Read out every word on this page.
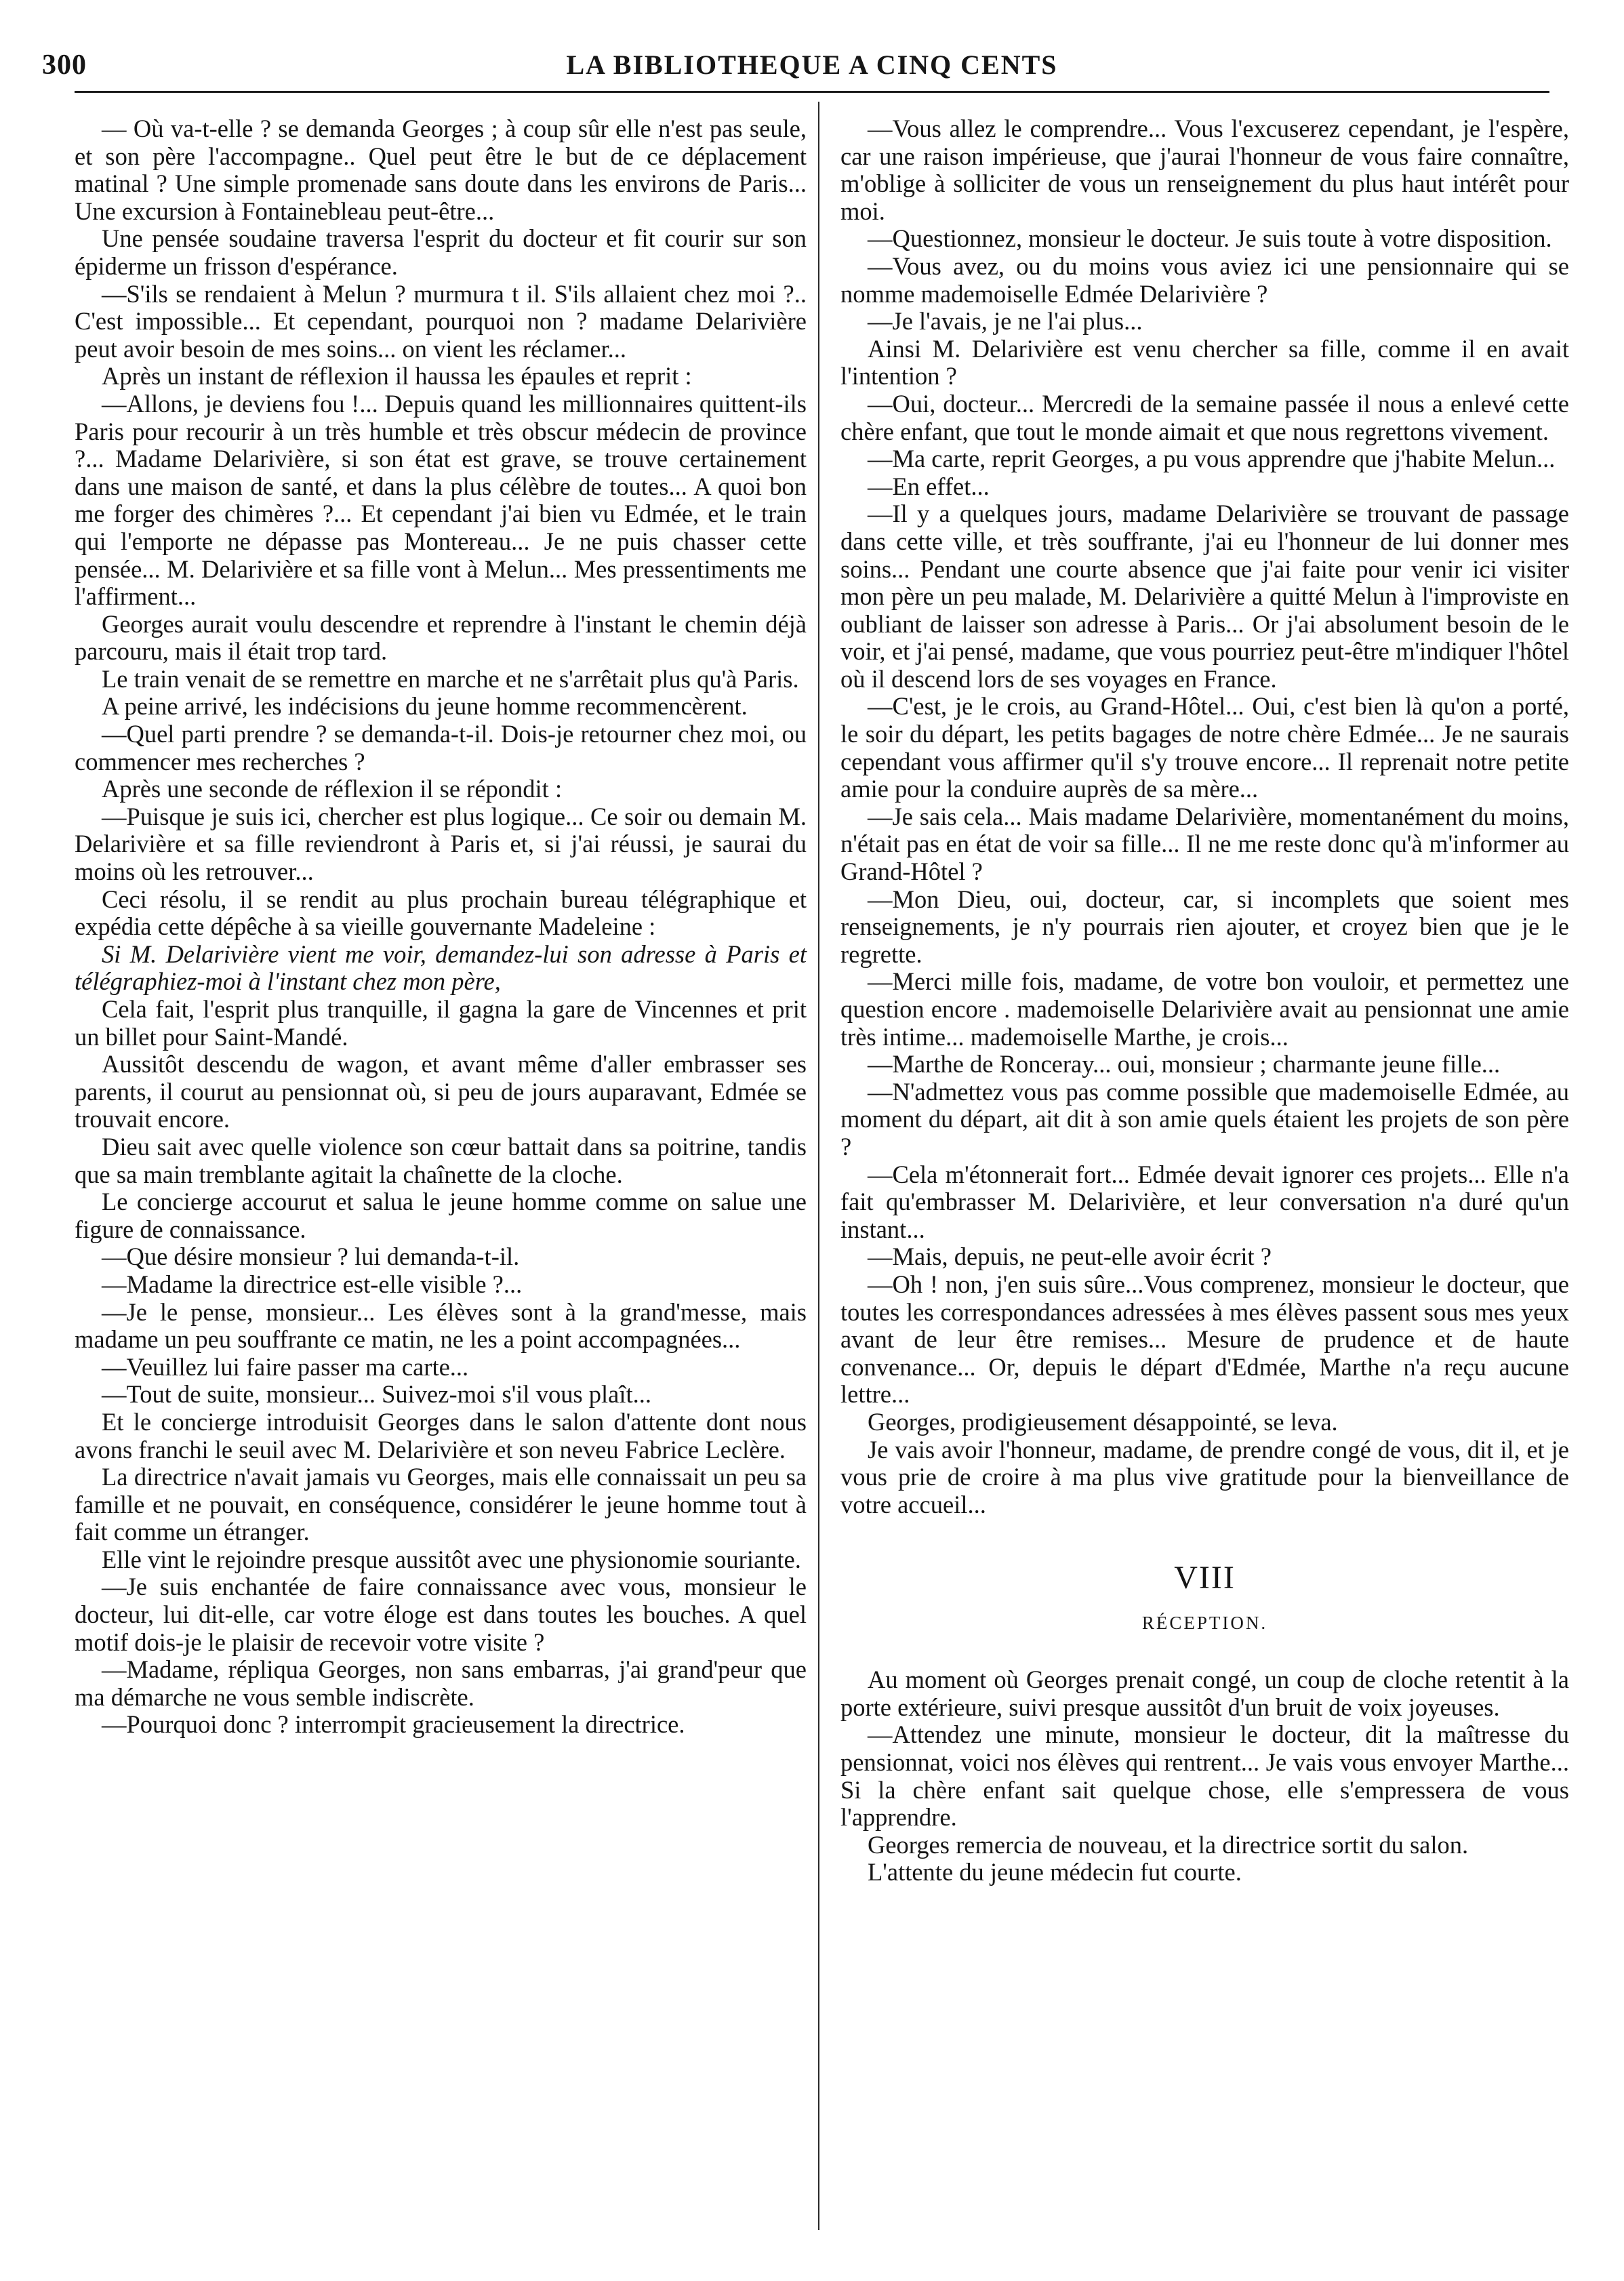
300	LA BIBLIOTHEQUE A CINQ CENTS

— Où va-t-elle ? se demanda Georges ; à coup sûr elle n'est pas seule, et son père l'accompagne.. Quel peut être le but de ce déplacement matinal ? Une simple promenade sans doute dans les environs de Paris... Une excursion à Fontainebleau peut-être...

Une pensée soudaine traversa l'esprit du docteur et fit courir sur son épiderme un frisson d'espérance.

—S'ils se rendaient à Melun ? murmura t il. S'ils allaient chez moi ?.. C'est impossible... Et cependant, pourquoi non ? madame Delarivière peut avoir besoin de mes soins... on vient les réclamer...

Après un instant de réflexion il haussa les épaules et reprit :

—Allons, je deviens fou !... Depuis quand les millionnaires quittent-ils Paris pour recourir à un très humble et très obscur médecin de province ?... Madame Delarivière, si son état est grave, se trouve certainement dans une maison de santé, et dans la plus célèbre de toutes... A quoi bon me forger des chimères ?... Et cependant j'ai bien vu Edmée, et le train qui l'emporte ne dépasse pas Montereau... Je ne puis chasser cette pensée... M. Delarivière et sa fille vont à Melun... Mes pressentiments me l'affirment...

Georges aurait voulu descendre et reprendre à l'instant le chemin déjà parcouru, mais il était trop tard.

Le train venait de se remettre en marche et ne s'arrêtait plus qu'à Paris.

A peine arrivé, les indécisions du jeune homme recommencèrent.

—Quel parti prendre ? se demanda-t-il. Dois-je retourner chez moi, ou commencer mes recherches ?

Après une seconde de réflexion il se répondit :

—Puisque je suis ici, chercher est plus logique... Ce soir ou demain M. Delarivière et sa fille reviendront à Paris et, si j'ai réussi, je saurai du moins où les retrouver...

Ceci résolu, il se rendit au plus prochain bureau télégraphique et expédia cette dépêche à sa vieille gouvernante Madeleine :

Si M. Delarivière vient me voir, demandez-lui son adresse à Paris et télégraphiez-moi à l'instant chez mon père,

Cela fait, l'esprit plus tranquille, il gagna la gare de Vincennes et prit un billet pour Saint-Mandé.

Aussitôt descendu de wagon, et avant même d'aller embrasser ses parents, il courut au pensionnat où, si peu de jours auparavant, Edmée se trouvait encore.

Dieu sait avec quelle violence son cœur battait dans sa poitrine, tandis que sa main tremblante agitait la chaînette de la cloche.

Le concierge accourut et salua le jeune homme comme on salue une figure de connaissance.

—Que désire monsieur ? lui demanda-t-il.

—Madame la directrice est-elle visible ?...

—Je le pense, monsieur... Les élèves sont à la grand'messe, mais madame un peu souffrante ce matin, ne les a point accompagnées...

—Veuillez lui faire passer ma carte...

—Tout de suite, monsieur... Suivez-moi s'il vous plaît...

Et le concierge introduisit Georges dans le salon d'attente dont nous avons franchi le seuil avec M. Delarivière et son neveu Fabrice Leclère.

La directrice n'avait jamais vu Georges, mais elle connaissait un peu sa famille et ne pouvait, en conséquence, considérer le jeune homme tout à fait comme un étranger.

Elle vint le rejoindre presque aussitôt avec une physionomie souriante.

—Je suis enchantée de faire connaissance avec vous, monsieur le docteur, lui dit-elle, car votre éloge est dans toutes les bouches. A quel motif dois-je le plaisir de recevoir votre visite ?

—Madame, répliqua Georges, non sans embarras, j'ai grand'peur que ma démarche ne vous semble indiscrète.

—Pourquoi donc ? interrompit gracieusement la directrice.

—Vous allez le comprendre... Vous l'excuserez cependant, je l'espère, car une raison impérieuse, que j'aurai l'honneur de vous faire connaître, m'oblige à solliciter de vous un renseignement du plus haut intérêt pour moi.

—Questionnez, monsieur le docteur. Je suis toute à votre disposition.

—Vous avez, ou du moins vous aviez ici une pensionnaire qui se nomme mademoiselle Edmée Delarivière ?

—Je l'avais, je ne l'ai plus...

Ainsi M. Delarivière est venu chercher sa fille, comme il en avait l'intention ?

—Oui, docteur... Mercredi de la semaine passée il nous a enlevé cette chère enfant, que tout le monde aimait et que nous regrettons vivement.

—Ma carte, reprit Georges, a pu vous apprendre que j'habite Melun...

—En effet...

—Il y a quelques jours, madame Delarivière se trouvant de passage dans cette ville, et très souffrante, j'ai eu l'honneur de lui donner mes soins... Pendant une courte absence que j'ai faite pour venir ici visiter mon père un peu malade, M. Delarivière a quitté Melun à l'improviste en oubliant de laisser son adresse à Paris... Or j'ai absolument besoin de le voir, et j'ai pensé, madame, que vous pourriez peut-être m'indiquer l'hôtel où il descend lors de ses voyages en France.

—C'est, je le crois, au Grand-Hôtel... Oui, c'est bien là qu'on a porté, le soir du départ, les petits bagages de notre chère Edmée... Je ne saurais cependant vous affirmer qu'il s'y trouve encore... Il reprenait notre petite amie pour la conduire auprès de sa mère...

—Je sais cela... Mais madame Delarivière, momentanément du moins, n'était pas en état de voir sa fille... Il ne me reste donc qu'à m'informer au Grand-Hôtel ?

—Mon Dieu, oui, docteur, car, si incomplets que soient mes renseignements, je n'y pourrais rien ajouter, et croyez bien que je le regrette.

—Merci mille fois, madame, de votre bon vouloir, et permettez une question encore . mademoiselle Delarivière avait au pensionnat une amie très intime... mademoiselle Marthe, je crois...

—Marthe de Ronceray... oui, monsieur ; charmante jeune fille...

—N'admettez vous pas comme possible que mademoiselle Edmée, au moment du départ, ait dit à son amie quels étaient les projets de son père ?

—Cela m'étonnerait fort... Edmée devait ignorer ces projets... Elle n'a fait qu'embrasser M. Delarivière, et leur conversation n'a duré qu'un instant...

—Mais, depuis, ne peut-elle avoir écrit ?

—Oh ! non, j'en suis sûre...Vous comprenez, monsieur le docteur, que toutes les correspondances adressées à mes élèves passent sous mes yeux avant de leur être remises... Mesure de prudence et de haute convenance... Or, depuis le départ d'Edmée, Marthe n'a reçu aucune lettre...

Georges, prodigieusement désappointé, se leva.

Je vais avoir l'honneur, madame, de prendre congé de vous, dit il, et je vous prie de croire à ma plus vive gratitude pour la bienveillance de votre accueil...

VIII
RÉCEPTION.

Au moment où Georges prenait congé, un coup de cloche retentit à la porte extérieure, suivi presque aussitôt d'un bruit de voix joyeuses.

—Attendez une minute, monsieur le docteur, dit la maîtresse du pensionnat, voici nos élèves qui rentrent... Je vais vous envoyer Marthe... Si la chère enfant sait quelque chose, elle s'empressera de vous l'apprendre.

Georges remercia de nouveau, et la directrice sortit du salon.

L'attente du jeune médecin fut courte.
